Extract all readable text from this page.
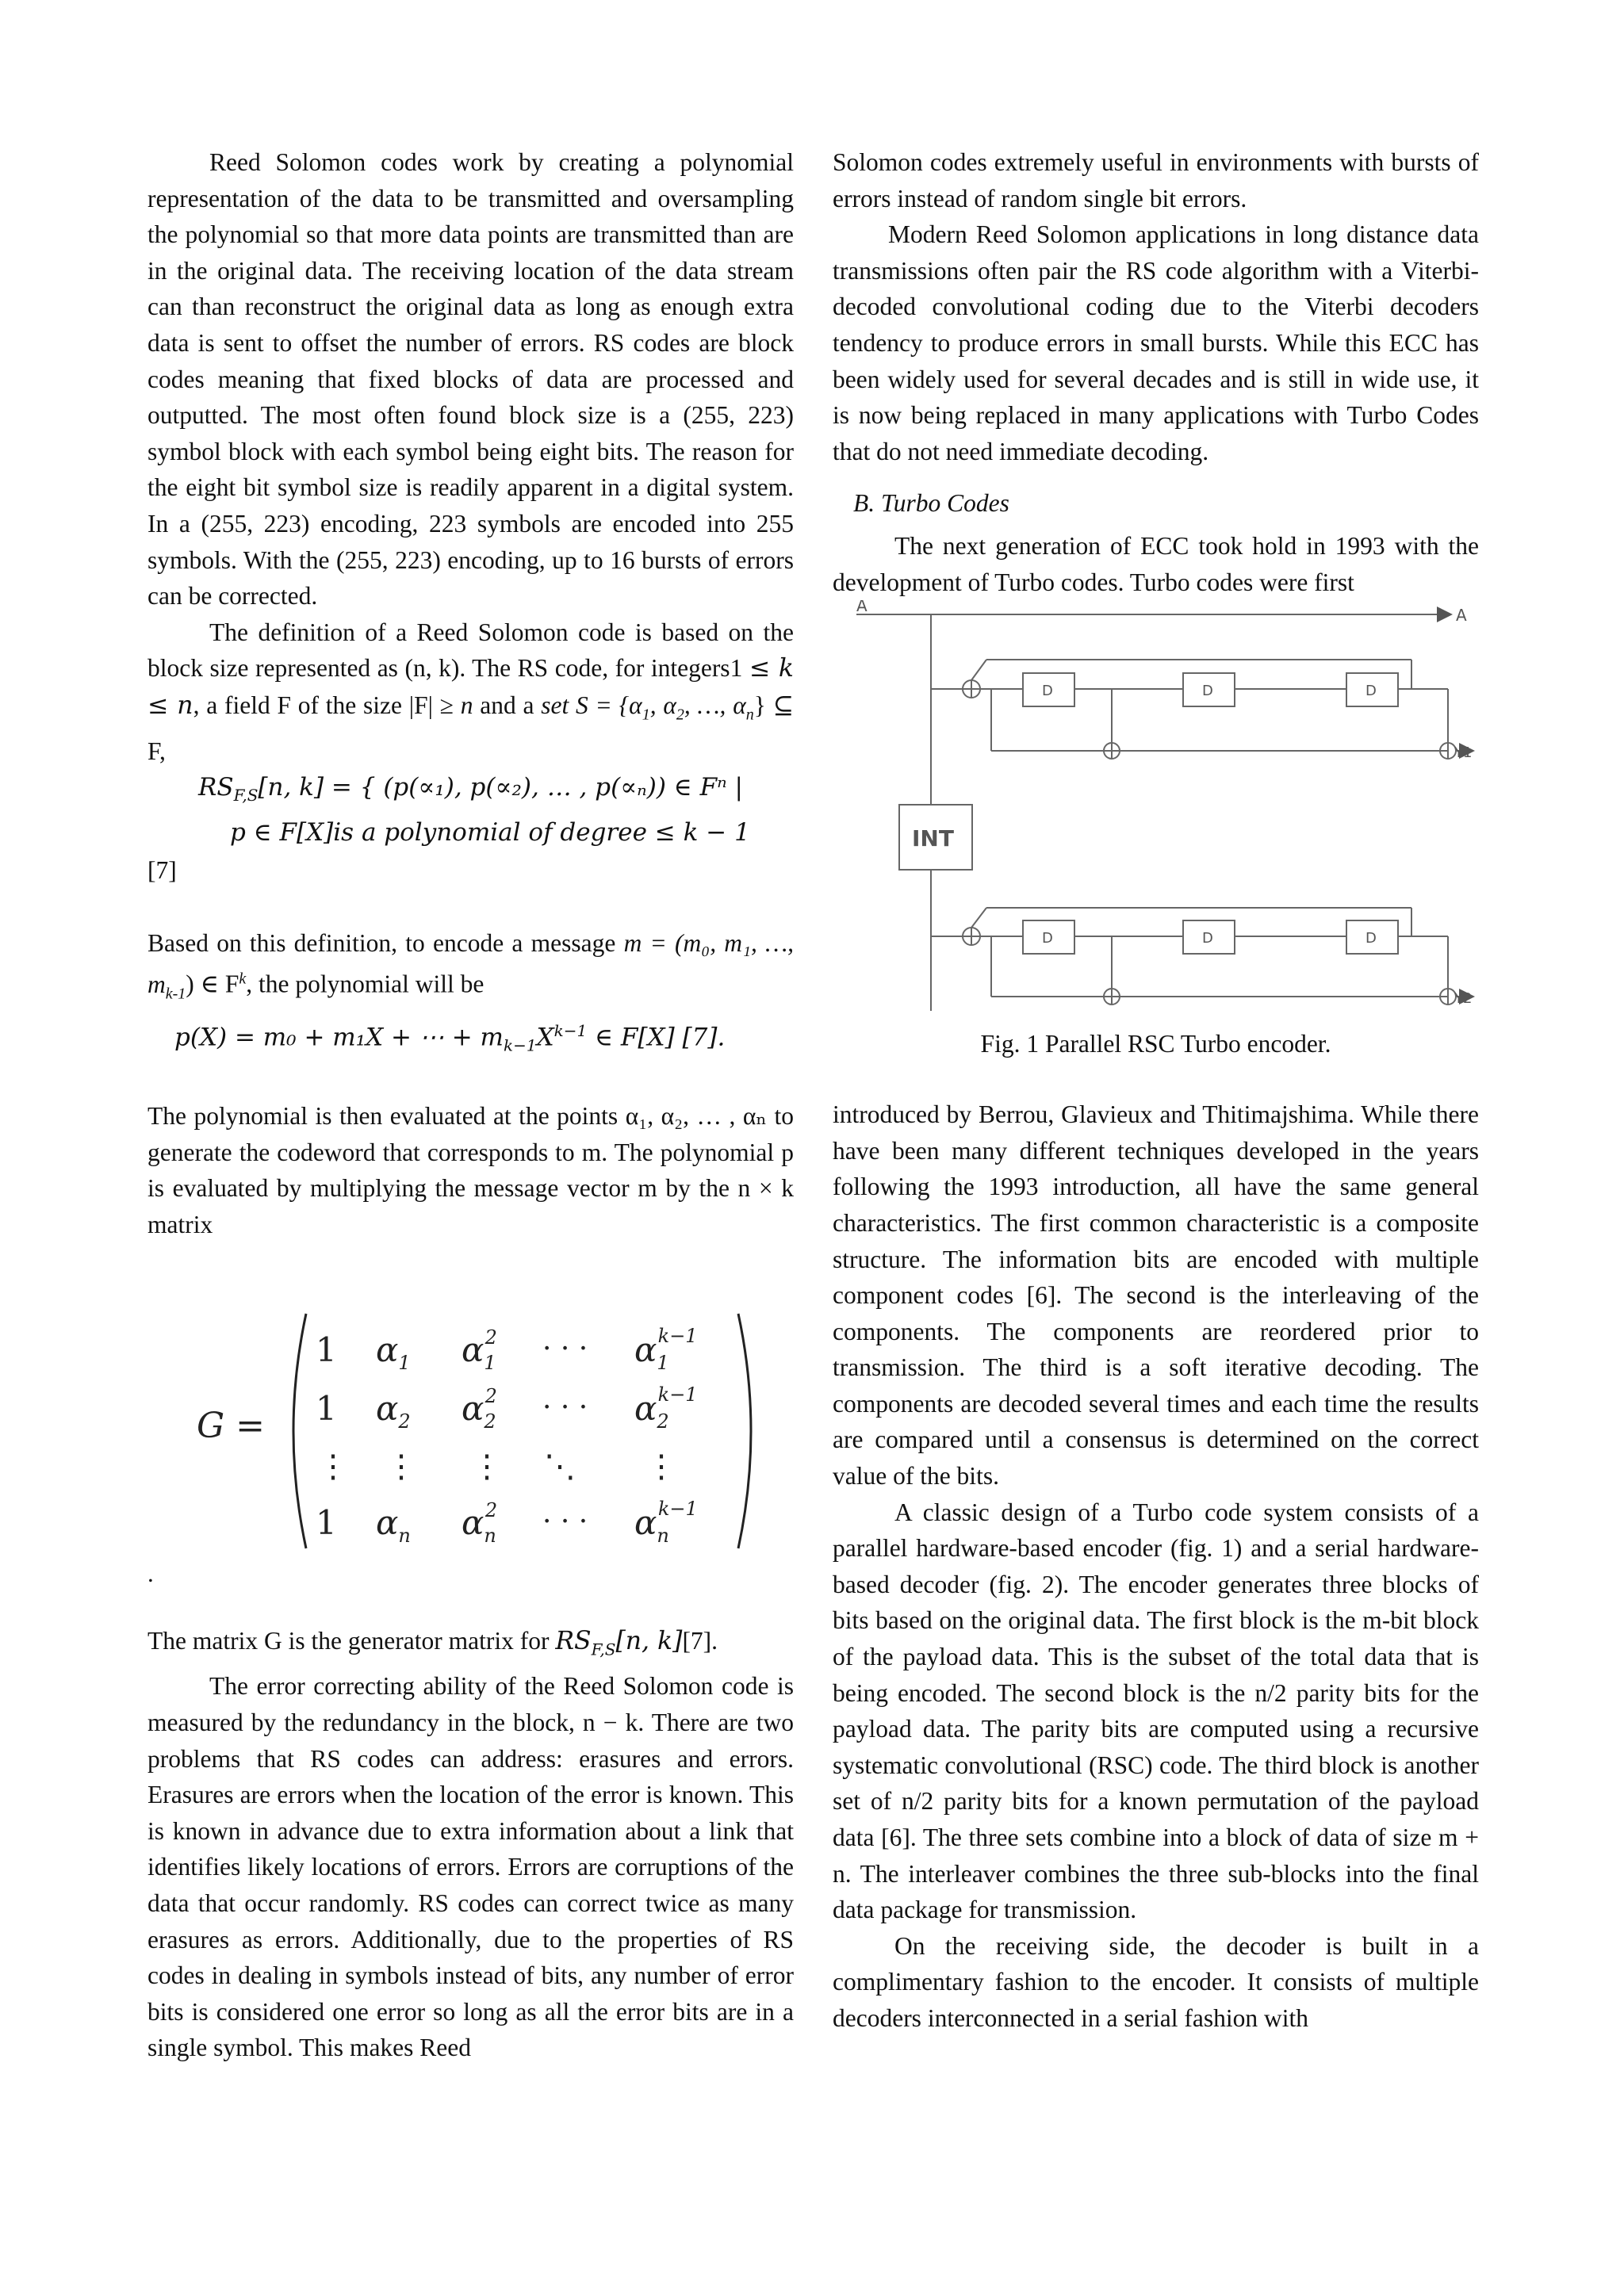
Reed Solomon codes work by creating a polynomial representation of the data to be transmitted and oversampling the polynomial so that more data points are transmitted than are in the original data. The receiving location of the data stream can than reconstruct the original data as long as enough extra data is sent to offset the number of errors. RS codes are block codes meaning that fixed blocks of data are processed and outputted. The most often found block size is a (255, 223) symbol block with each symbol being eight bits. The reason for the eight bit symbol size is readily apparent in a digital system. In a (255, 223) encoding, 223 symbols are encoded into 255 symbols. With the (255, 223) encoding, up to 16 bursts of errors can be corrected.

The definition of a Reed Solomon code is based on the block size represented as (n, k). The RS code, for integers1 ≤ k ≤ n, a field F of the size |F| ≥ n and a set $S = \{\alpha_1$, $\alpha_2$, …, $\alpha_n$} ⊆ F,

$RS_{F,S}[n$, k] = { (p(∝₁), p(∝₂), … , p(∝ₙ)) ∈ Fⁿ |

p ∈ F[X]is a polynomial of degree ≤ k − 1

[7]

Based on this definition, to encode a message m = (m₀, m₁, …, $m_{k-1}$) ∈ $F^k$, the polynomial will be

p(X) = m₀ + m₁X + ⋯ + $m_{k-1}X^{k-1}$ ∈ F[X] [7].

The polynomial is then evaluated at the points α₁, α₂, … , αₙ to generate the codeword that corresponds to m. The polynomial p is evaluated by multiplying the message vector m by the n × k matrix

G =
1 $\alpha_1$ $\alpha_12$ · · · $\alpha_1k-1$
1 $\alpha_2$ $\alpha_22$ · · · $\alpha_2k-1$
⋮ ⋮ ⋮ ⋱ ⋮
1 $\alpha_n$ $\alpha_n2$ · · · $\alpha_nk-1$

.

The matrix G is the generator matrix for $RS_{F,S}[n$, k][7].

The error correcting ability of the Reed Solomon code is measured by the redundancy in the block, n − k. There are two problems that RS codes can address: erasures and errors. Erasures are errors when the location of the error is known. This is known in advance due to extra information about a link that identifies likely locations of errors. Errors are corruptions of the data that occur randomly. RS codes can correct twice as many erasures as errors. Additionally, due to the properties of RS codes in dealing in symbols instead of bits, any number of error bits is considered one error so long as all the error bits are in a single symbol. This makes Reed

Solomon codes extremely useful in environments with bursts of errors instead of random single bit errors.

Modern Reed Solomon applications in long distance data transmissions often pair the RS code algorithm with a Viterbi-decoded convolutional coding due to the Viterbi decoders tendency to produce errors in small bursts. While this ECC has been widely used for several decades and is still in wide use, it is now being replaced in many applications with Turbo Codes that do not need immediate decoding.

B. Turbo Codes

The next generation of ECC took hold in 1993 with the development of Turbo codes. Turbo codes were first

A	A
D	D	D
D	D	D
INT
Y1
Y2

Fig. 1 Parallel RSC Turbo encoder.

introduced by Berrou, Glavieux and Thitimajshima. While there have been many different techniques developed in the years following the 1993 introduction, all have the same general characteristics. The first common characteristic is a composite structure. The information bits are encoded with multiple component codes [6]. The second is the interleaving of the components. The components are reordered prior to transmission. The third is a soft iterative decoding. The components are decoded several times and each time the results are compared until a consensus is determined on the correct value of the bits.

A classic design of a Turbo code system consists of a parallel hardware-based encoder (fig. 1) and a serial hardware-based decoder (fig. 2). The encoder generates three blocks of bits based on the original data. The first block is the m-bit block of the payload data. This is the subset of the total data that is being encoded. The second block is the n/2 parity bits for the payload data. The parity bits are computed using a recursive systematic convolutional (RSC) code. The third block is another set of n/2 parity bits for a known permutation of the payload data [6]. The three sets combine into a block of data of size m + n. The interleaver combines the three sub-blocks into the final data package for transmission.

On the receiving side, the decoder is built in a complimentary fashion to the encoder. It consists of multiple decoders interconnected in a serial fashion with
